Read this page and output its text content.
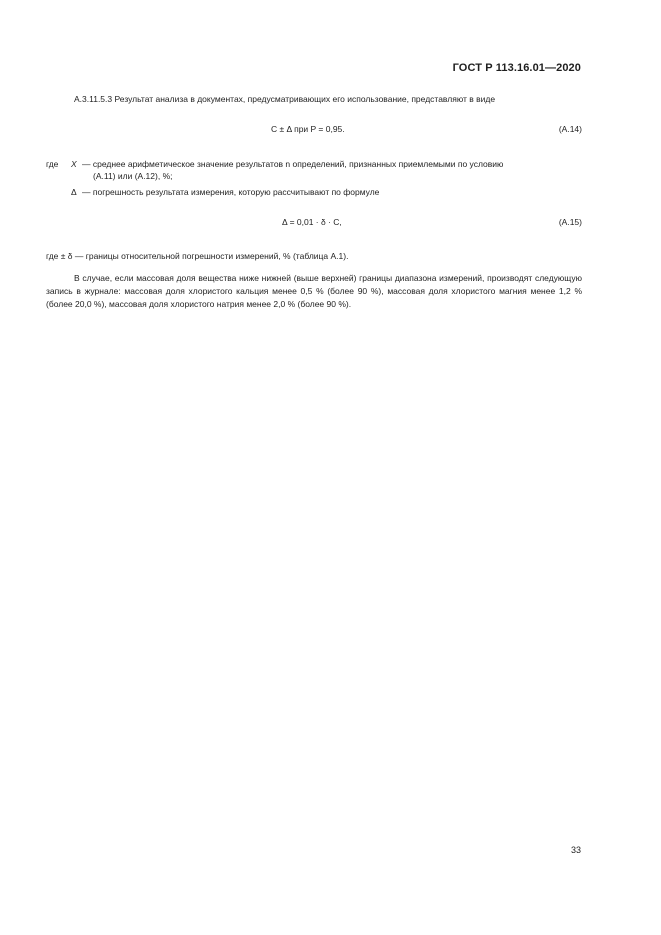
ГОСТ Р 113.16.01—2020
А.3.11.5.3 Результат анализа в документах, предусматривающих его использование, представляют в виде
C ± Δ при P = 0,95.	(А.14)
где X — среднее арифметическое значение результатов n определений, признанных приемлемыми по условию
(А.11) или (А.12), %;
Δ — погрешность результата измерения, которую рассчитывают по формуле
Δ = 0,01 · δ · C,	(А.15)
где ± δ — границы относительной погрешности измерений, % (таблица А.1).
В случае, если массовая доля вещества ниже нижней (выше верхней) границы диапазона измерений, производят следующую запись в журнале: массовая доля хлористого кальция менее 0,5 % (более 90 %), массовая доля хлористого магния менее 1,2 % (более 20,0 %), массовая доля хлористого натрия менее 2,0 % (более 90 %).
33
